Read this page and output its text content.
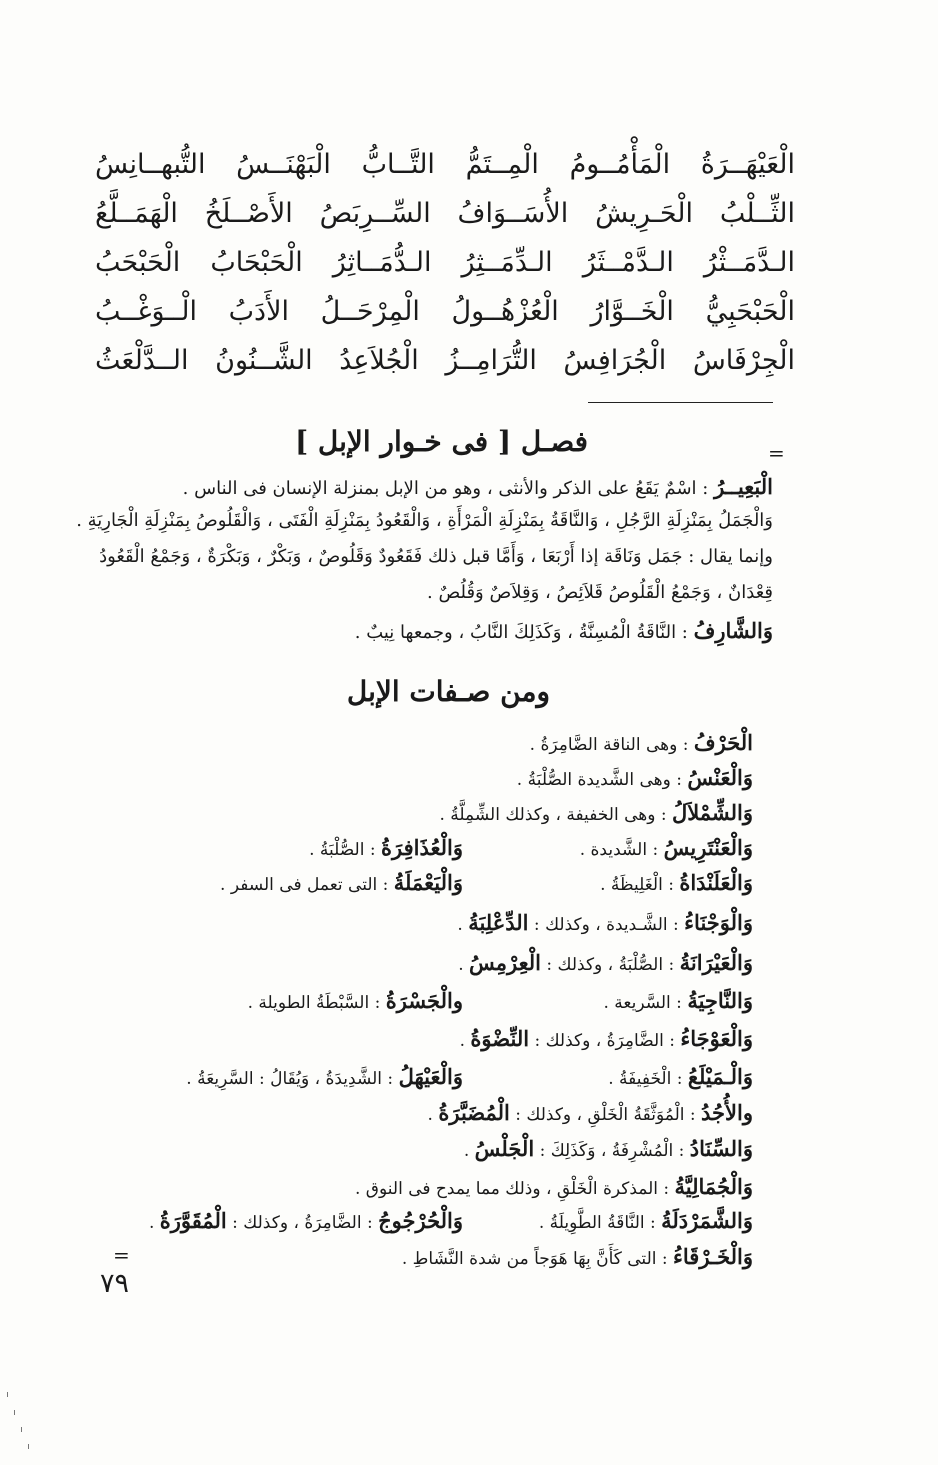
الْعَيْهَــرَةُ
الْمَأْمُــومُ
الْمِــتَمُّ
التَّــابُّ
الْبَهْنَــسُ
التُّبهــانِسُ
الثِّــلْبُ
الْحَـرِيشُ
الأُسَــوَافُ
السِّــرِبَصُ
الأَصْــلَخُ
الْهَمَــلَّعُ
الـدَّمَــثْرُ
الـدَّمْــثَرُ
الـدِّمَــثِرُ
الـدُّمَــاثِرُ
الْحَبْحَابُ
الْحَبْحَبُ
الْحَبْحَبِيُّ
الْخَــوَّارُ
الْعُزْهُــولُ
الْمِرْحَــلُ
الأَدَبُ
الْــوَغْــبُ
الْجِرْفَاسُ
الْجُرَافِسُ
التُّرَامِــزُ
الْجُلاَعِدُ
الشَّــنُونُ
الــدَّلْعَثُ
=
فصـل [ فى خـوار الإبل ]
الْبَعِيــرُ : اسْمٌ يَقَعُ على الذكر والأنثى ، وهو من الإبل بمنزلة الإنسان فى الناس .
وَالْجَمَلُ بِمَنْزِلَةِ الرَّجُلِ ، وَالنَّاقَةُ بِمَنْزِلَةِ الْمَرْأَةِ ، وَالْقَعُودُ بِمَنْزِلَةِ الْفَتَى ، وَالْقَلُوصُ بِمَنْزِلَةِ الْجَارِيَةِ .
وإنما يقال : جَمَل وَنَاقَة إذا أَرْبَعَا ، وَأَمَّا قبل ذلك فَقَعُودٌ وَقَلُوصٌ ، وَبَكْرٌ ، وَبَكْرَةٌ ، وَجَمْعُ الْقَعُودُ
قِعْدَانٌ ، وَجَمْعُ الْقَلُوصُ قَلاَئِصُ ، وَقِلاَصٌ وَقُلُصٌ .
وَالشَّارِفُ : النَّاقَةُ الْمُسِنَّةُ ، وَكَذَلِكَ النَّابُ ، وجمعها نِيبٌ .
ومن صـفات الإبل
الْحَرْفُ : وهى الناقة الضَّامِرَةُ .
وَالْعَنْسُ : وهى الشَّديدة الصُّلْبَةُ .
وَالشِّمْلاَلُ : وهى الخفيفة ، وكذلك الشِّمِلَّةُ .
وَالْعَنْتَرِيسُ : الشَّديدة .
وَالْعُذَافِرَةُ : الصُّلْبَةُ .
وَالْعَلَنْدَاةُ : الْغَلِيظَةُ .
وَالْيَعْمَلَةُ : التى تعمل فى السفر .
وَالْوَجْنَاءُ : الشَّـديدة ، وكذلك : الدِّعْلِبَةُ .
وَالْعَيْرَانَةُ : الصُّلْبَةُ ، وكذلك : الْعِرْمِسُ .
وَالنَّاجِيَةُ : السَّريعة .
والْجَسْرَةُ : السَّبْطَةُ الطويلة .
وَالْعَوْجَاءُ : الضَّامِرَةُ ، وكذلك : النِّضْوَةُ .
وَالْـمَيْلَعُ : الْخَفِيفَةُ .
وَالْعَيْهَلُ : الشَّدِيدَةُ ، وَيُقَالُ : السَّرِيعَةُ .
والأُجُدُ : الْمُوَثَّقَةُ الْخَلْقِ ، وكذلك : الْمُضَبَّرَةُ .
وَالسِّنَادُ : الْمُشْرِفَةُ ، وَكَذَلِكَ : الْجَلْسُ .
وَالْجُمَالِيَّةُ : المذكرة الْخَلْقِ ، وذلك مما يمدح فى النوق .
وَالشَّمَرْدَلَةُ : النَّاقَةُ الطَّوِيلَةُ .
وَالْحُرْجُوجُ : الضَّامِرَةُ ، وكذلك : الْمُقَوَّرَةُ .
وَالْخَـرْقَاءُ : التى كَأَنَّ بِهَا هَوَجاً من شدة النَّشَاطِ .
=
٧٩
